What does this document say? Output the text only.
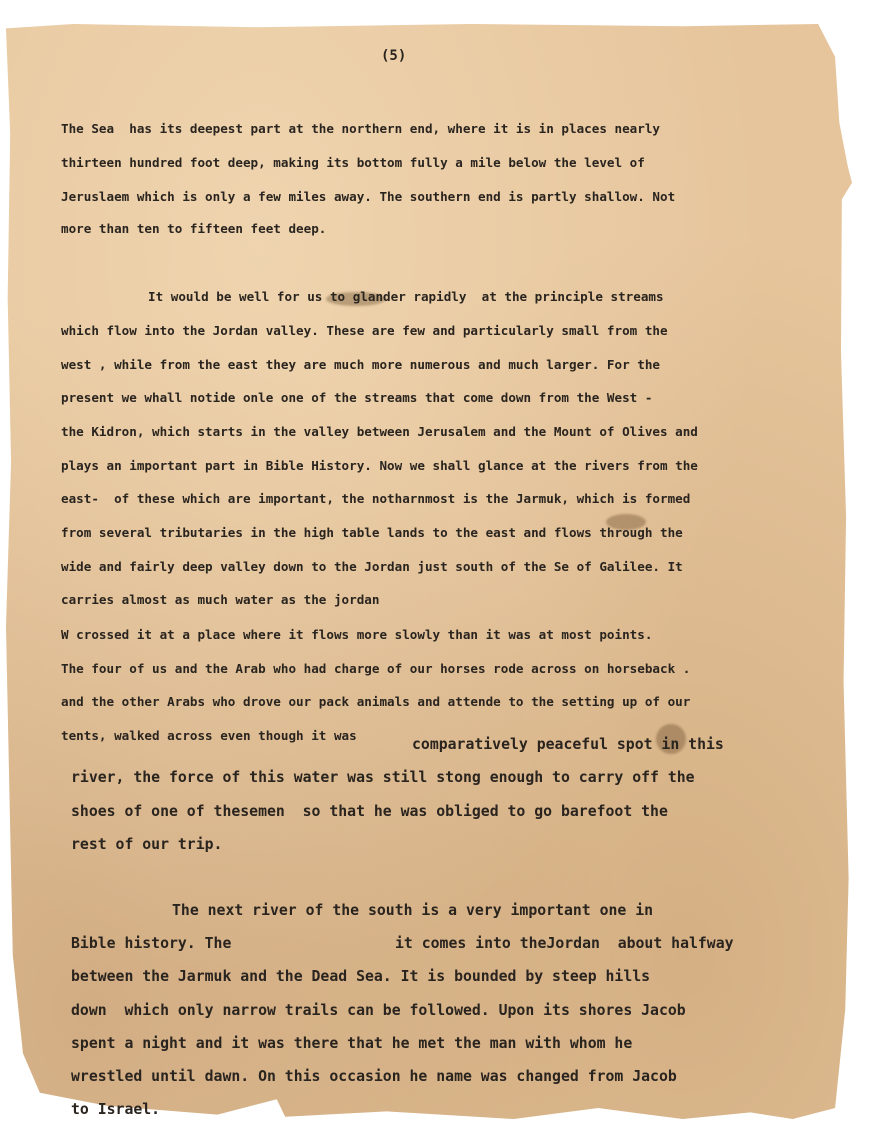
(5)
The Sea  has its deepest part at the northern end, where it is in places nearly
thirteen hundred foot deep, making its bottom fully a mile below the level of
Jeruslaem which is only a few miles away. The southern end is partly shallow. Not
more than ten to fifteen feet deep.
It would be well for us to glander rapidly  at the principle streams
which flow into the Jordan valley. These are few and particularly small from the
west , while from the east they are much more numerous and much larger. For the
present we whall notide onle one of the streams that come down from the West -
the Kidron, which starts in the valley between Jerusalem and the Mount of Olives and
plays an important part in Bible History. Now we shall glance at the rivers from the
east-  of these which are important, the notharnmost is the Jarmuk, which is formed
from several tributaries in the high table lands to the east and flows through the
wide and fairly deep valley down to the Jordan just south of the Se of Galilee. It
carries almost as much water as the jordan
W crossed it at a place where it flows more slowly than it was at most points.
The four of us and the Arab who had charge of our horses rode across on horseback .
and the other Arabs who drove our pack animals and attende to the setting up of our
tents, walked across even though it was
comparatively peaceful spot in this
river, the force of this water was still stong enough to carry off the
shoes of one of thesemen  so that he was obliged to go barefoot the
rest of our trip.
The next river of the south is a very important one in
Bible history. The	it comes into theJordan  about halfway
between the Jarmuk and the Dead Sea. It is bounded by steep hills
down  which only narrow trails can be followed. Upon its shores Jacob
spent a night and it was there that he met the man with whom he
wrestled until dawn. On this occasion he name was changed from Jacob
to Israel.
